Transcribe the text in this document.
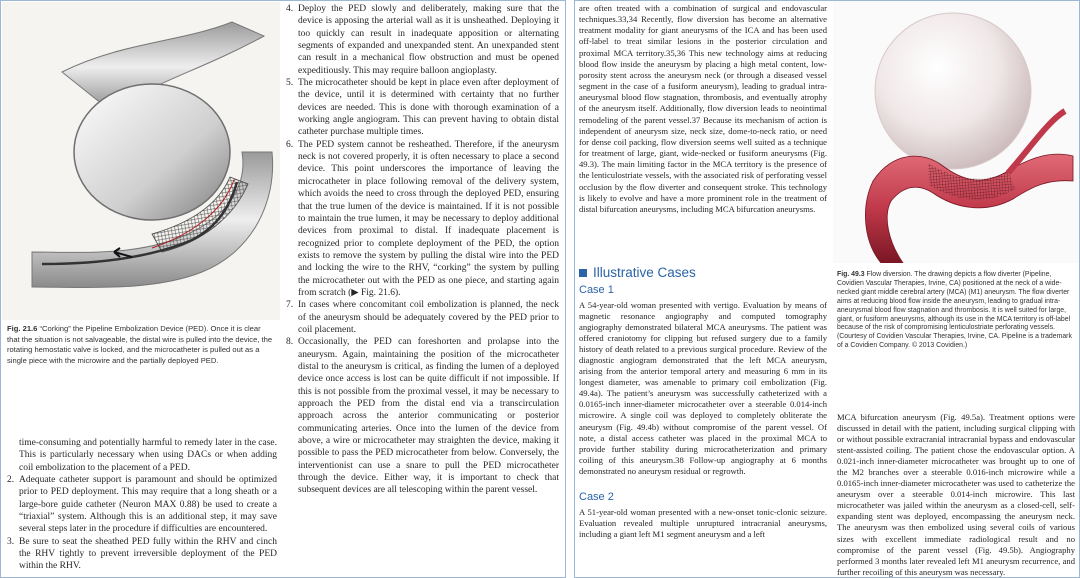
Fig. 21.6 “Corking” the Pipeline Embolization Device (PED). Once it is clear that the situation is not salvageable, the distal wire is pulled into the device, the rotating hemostatic valve is locked, and the microcatheter is pulled out as a single piece with the microwire and the partially deployed PED.
time-consuming and potentially harmful to remedy later in the case. This is particularly necessary when using DACs or when adding coil embolization to the placement of a PED.
2. Adequate catheter support is paramount and should be optimized prior to PED deployment. This may require that a long sheath or a large-bore guide catheter (Neuron MAX 0.88) be used to create a “triaxial” system. Although this is an additional step, it may save several steps later in the procedure if difficulties are encountered.
3. Be sure to seat the sheathed PED fully within the RHV and cinch the RHV tightly to prevent irreversible deployment of the PED within the RHV.
4. Deploy the PED slowly and deliberately, making sure that the device is apposing the arterial wall as it is unsheathed. Deploying it too quickly can result in inadequate apposition or alternating segments of expanded and unexpanded stent. An unexpanded stent can result in a mechanical flow obstruction and must be opened expeditiously. This may require balloon angioplasty.
5. The microcatheter should be kept in place even after deployment of the device, until it is determined with certainty that no further devices are needed. This is done with thorough examination of a working angle angiogram. This can prevent having to obtain distal catheter purchase multiple times.
6. The PED system cannot be resheathed. Therefore, if the aneurysm neck is not covered properly, it is often necessary to place a second device. This point underscores the importance of leaving the microcatheter in place following removal of the delivery system, which avoids the need to cross through the deployed PED, ensuring that the true lumen of the device is maintained. If it is not possible to maintain the true lumen, it may be necessary to deploy additional devices from proximal to distal. If inadequate placement is recognized prior to complete deployment of the PED, the option exists to remove the system by pulling the distal wire into the PED and locking the wire to the RHV, “corking” the system by pulling the microcatheter out with the PED as one piece, and starting again from scratch (▶ Fig. 21.6).
7. In cases where concomitant coil embolization is planned, the neck of the aneurysm should be adequately covered by the PED prior to coil placement.
8. Occasionally, the PED can foreshorten and prolapse into the aneurysm. Again, maintaining the position of the microcatheter distal to the aneurysm is critical, as finding the lumen of a deployed device once access is lost can be quite difficult if not impossible. If this is not possible from the proximal vessel, it may be necessary to approach the PED from the distal end via a transcirculation approach across the anterior communicating or posterior communicating arteries. Once into the lumen of the device from above, a wire or microcatheter may straighten the device, making it possible to pass the PED microcatheter from below. Conversely, the interventionist can use a snare to pull the PED microcatheter through the device. Either way, it is important to check that subsequent devices are all telescoping within the parent vessel.
are often treated with a combination of surgical and endovascular techniques.33,34 Recently, flow diversion has become an alternative treatment modality for giant aneurysms of the ICA and has been used off-label to treat similar lesions in the posterior circulation and proximal MCA territory.35,36 This new technology aims at reducing blood flow inside the aneurysm by placing a high metal content, low-porosity stent across the aneurysm neck (or through a diseased vessel segment in the case of a fusiform aneurysm), leading to gradual intra-aneurysmal blood flow stagnation, thrombosis, and eventually atrophy of the aneurysm itself. Additionally, flow diversion leads to neointimal remodeling of the parent vessel.37 Because its mechanism of action is independent of aneurysm size, neck size, dome-to-neck ratio, or need for dense coil packing, flow diversion seems well suited as a technique for treatment of large, giant, wide-necked or fusiform aneurysms (Fig. 49.3). The main limiting factor in the MCA territory is the presence of the lenticulostriate vessels, with the associated risk of perforating vessel occlusion by the flow diverter and consequent stroke. This technology is likely to evolve and have a more prominent role in the treatment of distal bifurcation aneurysms, including MCA bifurcation aneurysms.
Fig. 49.3 Flow diversion. The drawing depicts a flow diverter (Pipeline, Covidien Vascular Therapies, Irvine, CA) positioned at the neck of a wide-necked giant middle cerebral artery (MCA) (M1) aneurysm. The flow diverter aims at reducing blood flow inside the aneurysm, leading to gradual intra-aneurysmal blood flow stagnation and thrombosis. It is well suited for large, giant, or fusiform aneurysms, although its use in the MCA territory is off-label because of the risk of compromising lenticulostriate perforating vessels. (Courtesy of Covidien Vascular Therapies, Irvine, CA. Pipeline is a trademark of a Covidien Company. © 2013 Covidien.)
Illustrative Cases
Case 1
A 54-year-old woman presented with vertigo. Evaluation by means of magnetic resonance angiography and computed tomography angiography demonstrated bilateral MCA aneurysms. The patient was offered craniotomy for clipping but refused surgery due to a family history of death related to a previous surgical procedure. Review of the diagnostic angiogram demonstrated that the left MCA aneurysm, arising from the anterior temporal artery and measuring 6 mm in its longest diameter, was amenable to primary coil embolization (Fig. 49.4a). The patient’s aneurysm was successfully catheterized with a 0.0165-inch inner-diameter microcatheter over a steerable 0.014-inch microwire. A single coil was deployed to completely obliterate the aneurysm (Fig. 49.4b) without compromise of the parent vessel. Of note, a distal access catheter was placed in the proximal MCA to provide further stability during microcatheterization and primary coiling of this aneurysm.38 Follow-up angiography at 6 months demonstrated no aneurysm residual or regrowth.
Case 2
A 51-year-old woman presented with a new-onset tonic-clonic seizure. Evaluation revealed multiple unruptured intracranial aneurysms, including a giant left M1 segment aneurysm and a left
MCA bifurcation aneurysm (Fig. 49.5a). Treatment options were discussed in detail with the patient, including surgical clipping with or without possible extracranial intracranial bypass and endovascular stent-assisted coiling. The patient chose the endovascular option. A 0.021-inch inner-diameter microcatheter was brought up to one of the M2 branches over a steerable 0.016-inch microwire while a 0.0165-inch inner-diameter microcatheter was used to catheterize the aneurysm over a steerable 0.014-inch microwire. This last microcatheter was jailed within the aneurysm as a closed-cell, self-expanding stent was deployed, encompassing the aneurysm neck. The aneurysm was then embolized using several coils of various sizes with excellent immediate radiological result and no compromise of the parent vessel (Fig. 49.5b). Angiography performed 3 months later revealed left M1 aneurysm recurrence, and further recoiling of this aneurysm was necessary.
